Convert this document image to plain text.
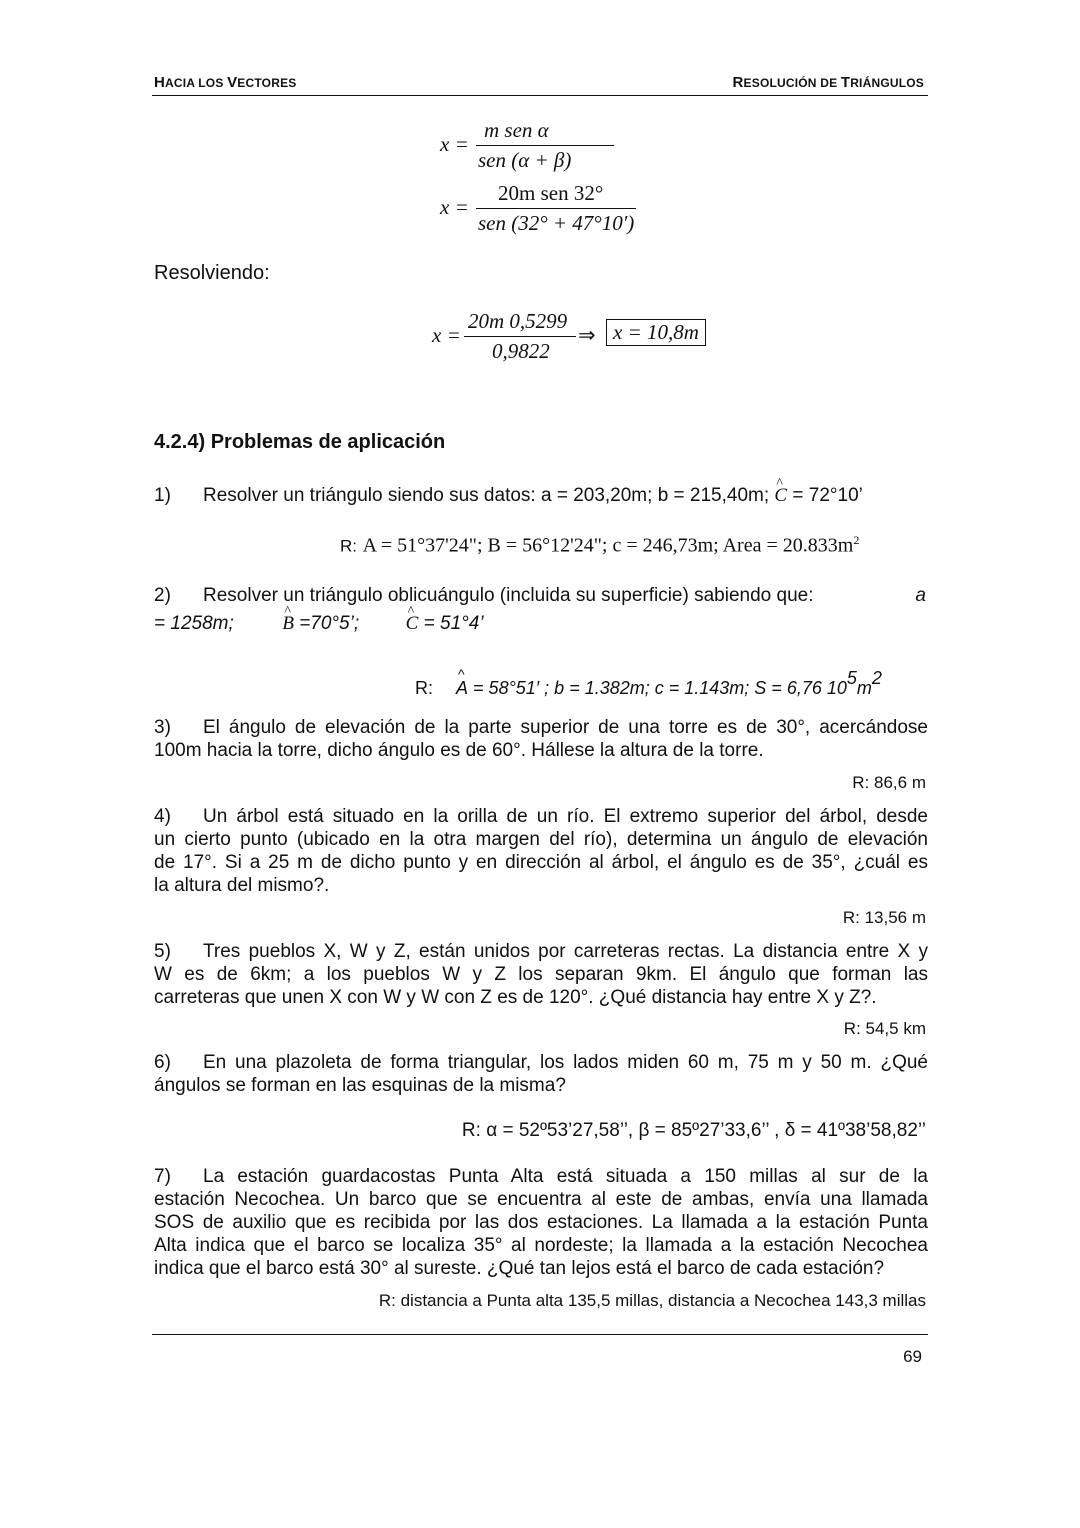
HACIA LOS VECTORES	RESOLUCIÓN DE TRIÁNGULOS
x =
m sen α
sen (α + β)
x =
20m sen 32°
sen (32° + 47°10′)
Resolviendo:
x =
20m 0,5299
0,9822
⇒ x = 10,8m
4.2.4) Problemas de aplicación
1) Resolver un triángulo siendo sus datos: a = 203,20m; b = 215,40m; ^ C = 72°10’
R: A = 51°37'24"; B = 56°12'24"; c = 246,73m; Area = $20.833m^2$
2) Resolver un triángulo oblicuángulo (incluida su superficie) sabiendo que:	a
= 1258m;	^ B =70°5’; ^ C = 51°4’
R: ^ A = 58°51′ ; b = 1.382m; c = 1.143m; S = 6,76 $10^5m^2$
3) El ángulo de elevación de la parte superior de una torre es de 30°, acercándose
100m hacia la torre, dicho ángulo es de 60°. Hállese la altura de la torre.
R: 86,6 m
4) Un árbol está situado en la orilla de un río. El extremo superior del árbol, desde
un cierto punto (ubicado en la otra margen del río), determina un ángulo de elevación
de 17°. Si a 25 m de dicho punto y en dirección al árbol, el ángulo es de 35°, ¿cuál es
la altura del mismo?.
R: 13,56 m
5) Tres pueblos X, W y Z, están unidos por carreteras rectas. La distancia entre X y
W es de 6km; a los pueblos W y Z los separan 9km. El ángulo que forman las
carreteras que unen X con W y W con Z es de 120°. ¿Qué distancia hay entre X y Z?.
R: 54,5 km
6) En una plazoleta de forma triangular, los lados miden 60 m, 75 m y 50 m. ¿Qué
ángulos se forman en las esquinas de la misma?
R: α = 52º53’27,58’’, β = 85º27’33,6’’ , δ = 41º38’58,82’’
7) La estación guardacostas Punta Alta está situada a 150 millas al sur de la
estación Necochea. Un barco que se encuentra al este de ambas, envía una llamada
SOS de auxilio que es recibida por las dos estaciones. La llamada a la estación Punta
Alta indica que el barco se localiza 35° al nordeste; la llamada a la estación Necochea
indica que el barco está 30° al sureste. ¿Qué tan lejos está el barco de cada estación?
R: distancia a Punta alta 135,5 millas, distancia a Necochea 143,3 millas
69
